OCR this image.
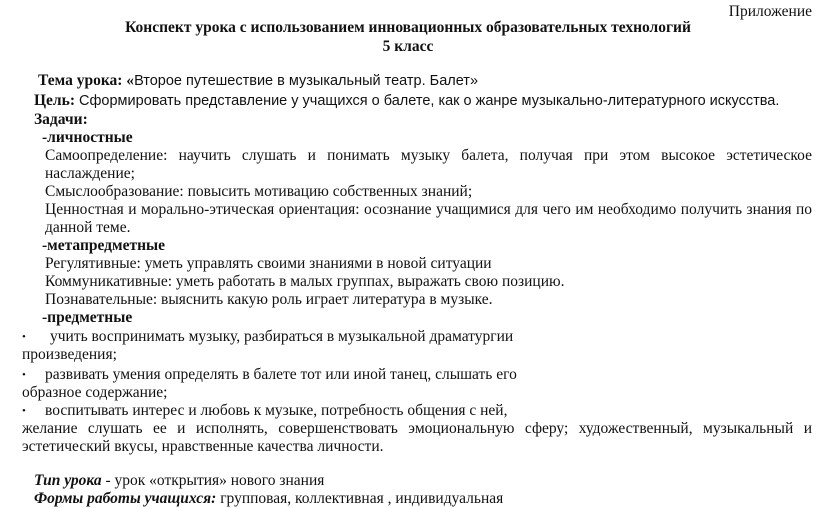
Приложение
Конспект урока с использованием инновационных образовательных технологий
5 класс
Тема урока: «Второе путешествие в музыкальный театр. Балет»
Цель: Сформировать представление у учащихся о балете, как о жанре музыкально-литературного искусства.
Задачи:
-личностные
Самоопределение: научить слушать и понимать музыку балета, получая при этом высокое эстетическое
наслаждение;
Смыслообразование: повысить мотивацию собственных знаний;
Ценностная и морально-этическая ориентация: осознание учащимися для чего им необходимо получить знания по
данной теме.
-метапредметные
Регулятивные: уметь управлять своими знаниями в новой ситуации
Коммуникативные: уметь работать в малых группах, выражать свою позицию.
Познавательные: выяснить какую роль играет литература в музыке.
-предметные
• учить воспринимать музыку, разбираться в музыкальной драматургии
произведения;
• развивать умения определять в балете тот или иной танец, слышать его
образное содержание;
• воспитывать интерес и любовь к музыке, потребность общения с ней,
желание слушать ее и исполнять, совершенствовать эмоциональную сферу; художественный, музыкальный и
эстетический вкусы, нравственные качества личности.
Тип урока - урок «открытия» нового знания
Формы работы учащихся: групповая, коллективная , индивидуальная
